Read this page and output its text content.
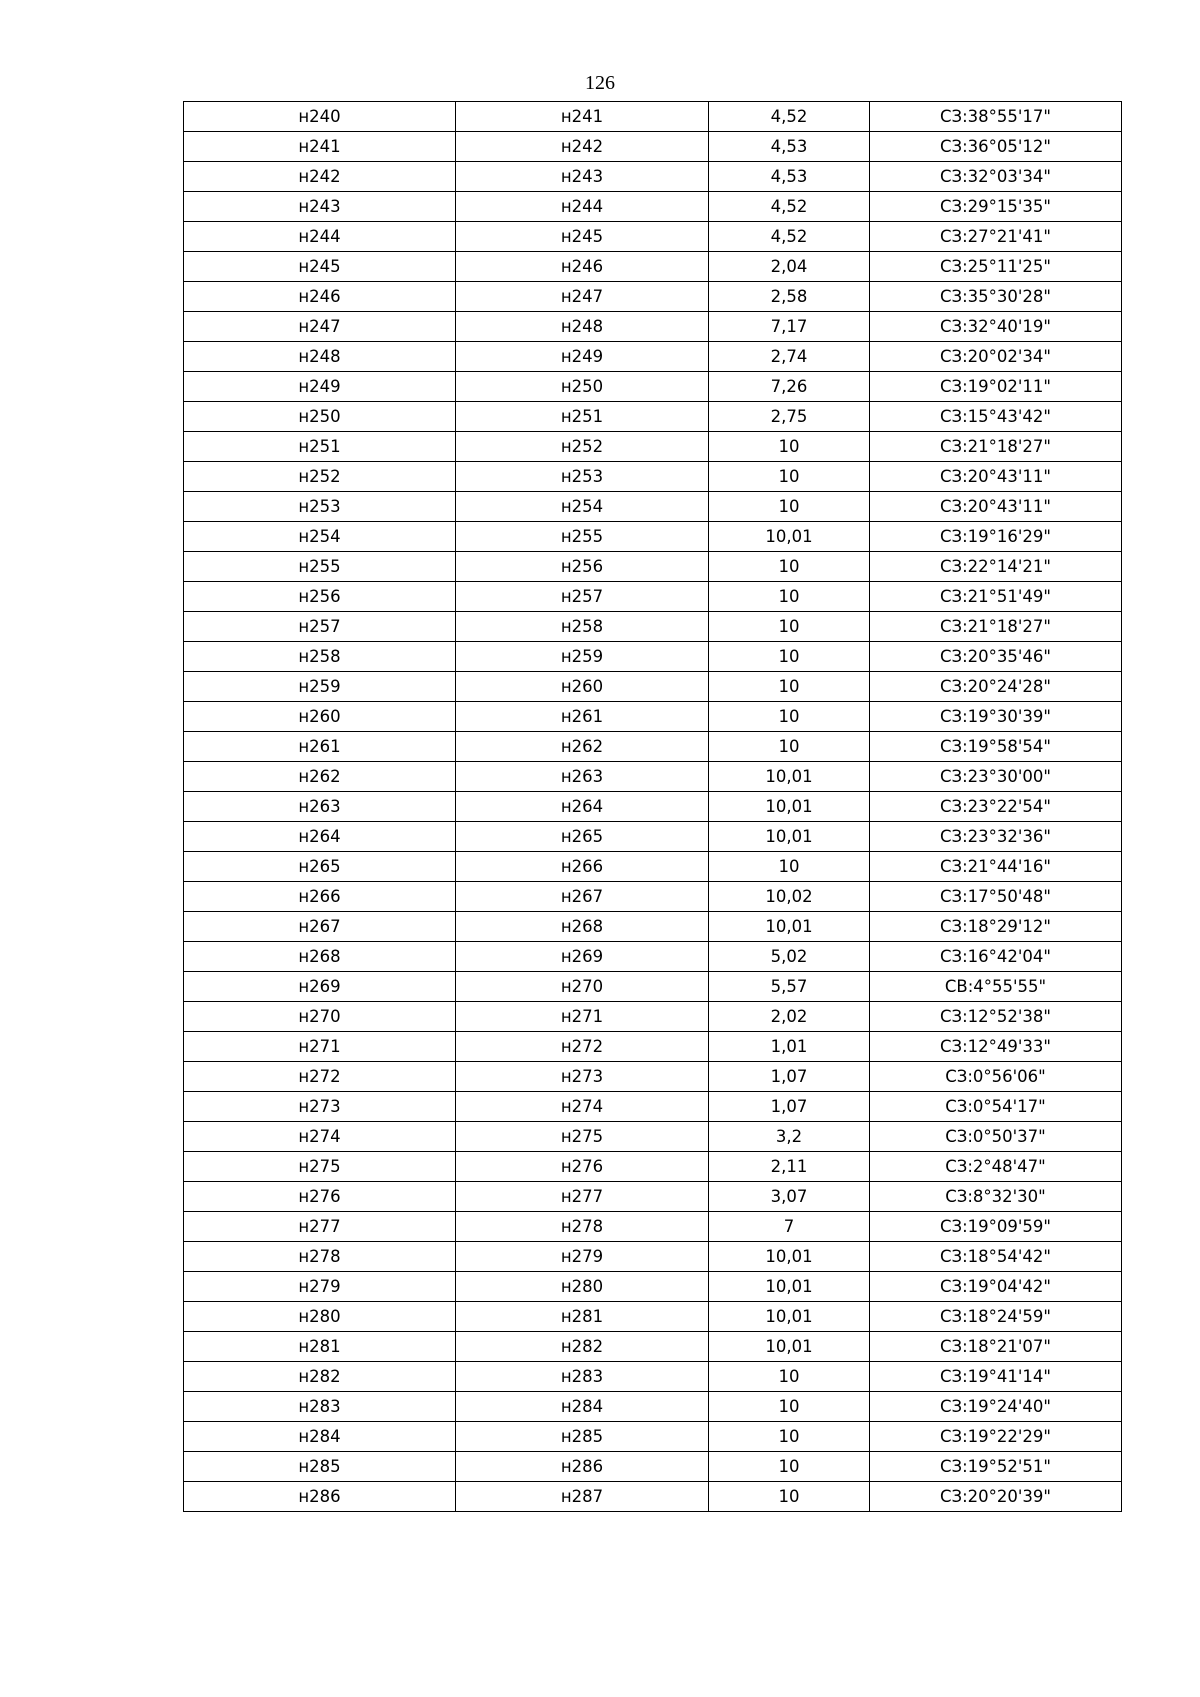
126
н240	н241	4,52	СЗ:38°55'17"
н241	н242	4,53	СЗ:36°05'12"
н242	н243	4,53	СЗ:32°03'34"
н243	н244	4,52	СЗ:29°15'35"
н244	н245	4,52	СЗ:27°21'41"
н245	н246	2,04	СЗ:25°11'25"
н246	н247	2,58	СЗ:35°30'28"
н247	н248	7,17	СЗ:32°40'19"
н248	н249	2,74	СЗ:20°02'34"
н249	н250	7,26	СЗ:19°02'11"
н250	н251	2,75	СЗ:15°43'42"
н251	н252	10	СЗ:21°18'27"
н252	н253	10	СЗ:20°43'11"
н253	н254	10	СЗ:20°43'11"
н254	н255	10,01	СЗ:19°16'29"
н255	н256	10	СЗ:22°14'21"
н256	н257	10	СЗ:21°51'49"
н257	н258	10	СЗ:21°18'27"
н258	н259	10	СЗ:20°35'46"
н259	н260	10	СЗ:20°24'28"
н260	н261	10	СЗ:19°30'39"
н261	н262	10	СЗ:19°58'54"
н262	н263	10,01	СЗ:23°30'00"
н263	н264	10,01	СЗ:23°22'54"
н264	н265	10,01	СЗ:23°32'36"
н265	н266	10	СЗ:21°44'16"
н266	н267	10,02	СЗ:17°50'48"
н267	н268	10,01	СЗ:18°29'12"
н268	н269	5,02	СЗ:16°42'04"
н269	н270	5,57	СВ:4°55'55"
н270	н271	2,02	СЗ:12°52'38"
н271	н272	1,01	СЗ:12°49'33"
н272	н273	1,07	СЗ:0°56'06"
н273	н274	1,07	СЗ:0°54'17"
н274	н275	3,2	СЗ:0°50'37"
н275	н276	2,11	СЗ:2°48'47"
н276	н277	3,07	СЗ:8°32'30"
н277	н278	7	СЗ:19°09'59"
н278	н279	10,01	СЗ:18°54'42"
н279	н280	10,01	СЗ:19°04'42"
н280	н281	10,01	СЗ:18°24'59"
н281	н282	10,01	СЗ:18°21'07"
н282	н283	10	СЗ:19°41'14"
н283	н284	10	СЗ:19°24'40"
н284	н285	10	СЗ:19°22'29"
н285	н286	10	СЗ:19°52'51"
н286	н287	10	СЗ:20°20'39"
